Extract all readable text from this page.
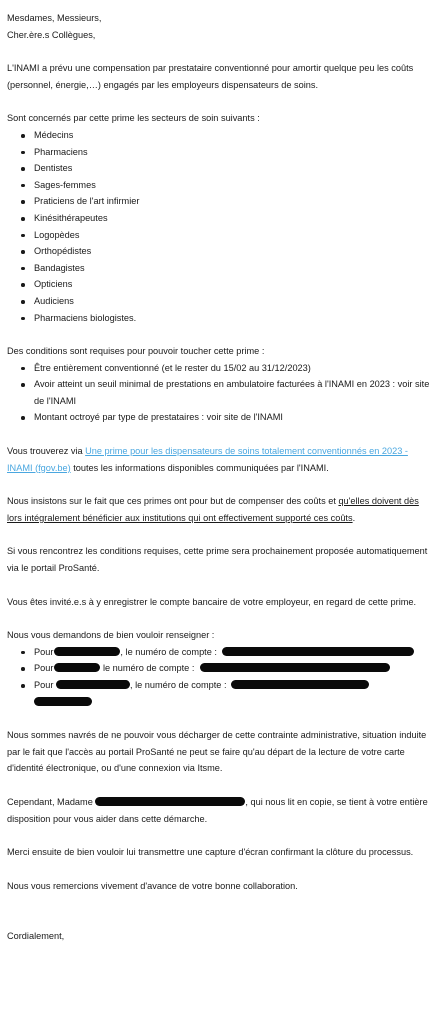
Mesdames, Messieurs,

Cher.ère.s Collègues,

L'INAMI a prévu une compensation par prestataire conventionné pour amortir quelque peu les coûts (personnel, énergie,…) engagés par les employeurs dispensateurs de soins.

Sont concernés par cette prime les secteurs de soin suivants :

Médecins
Pharmaciens
Dentistes
Sages-femmes
Praticiens de l'art infirmier
Kinésithérapeutes
Logopèdes
Orthopédistes
Bandagistes
Opticiens
Audiciens
Pharmaciens biologistes.

Des conditions sont requises pour pouvoir toucher cette prime :

Être entièrement conventionné (et le rester du 15/02 au 31/12/2023)
Avoir atteint un seuil minimal de prestations en ambulatoire facturées à l'INAMI en 2023 : voir site de l'INAMI
Montant octroyé par type de prestataires : voir site de l'INAMI

Vous trouverez via Une prime pour les dispensateurs de soins totalement conventionnés en 2023 - INAMI (fgov.be) toutes les informations disponibles communiquées par l'INAMI.

Nous insistons sur le fait que ces primes ont pour but de compenser des coûts et qu'elles doivent dès lors intégralement bénéficier aux institutions qui ont effectivement supporté ces coûts.

Si vous rencontrez les conditions requises, cette prime sera prochainement proposée automatiquement via le portail ProSanté.

Vous êtes invité.e.s à y enregistrer le compte bancaire de votre employeur, en regard de cette prime.

Nous vous demandons de bien vouloir renseigner :

Pour	, le numéro de compte :
Pour	le numéro de compte :
Pour	, le numéro de compte :

Nous sommes navrés de ne pouvoir vous décharger de cette contrainte administrative, situation induite par le fait que l'accès au portail ProSanté ne peut se faire qu'au départ de la lecture de votre carte d'identité électronique, ou d'une connexion via Itsme.

Cependant, Madame	, qui nous lit en copie, se tient à votre entière disposition pour vous aider dans cette démarche.

Merci ensuite de bien vouloir lui transmettre une capture d'écran confirmant la clôture du processus.

Nous vous remercions vivement d'avance de votre bonne collaboration.

Cordialement,
